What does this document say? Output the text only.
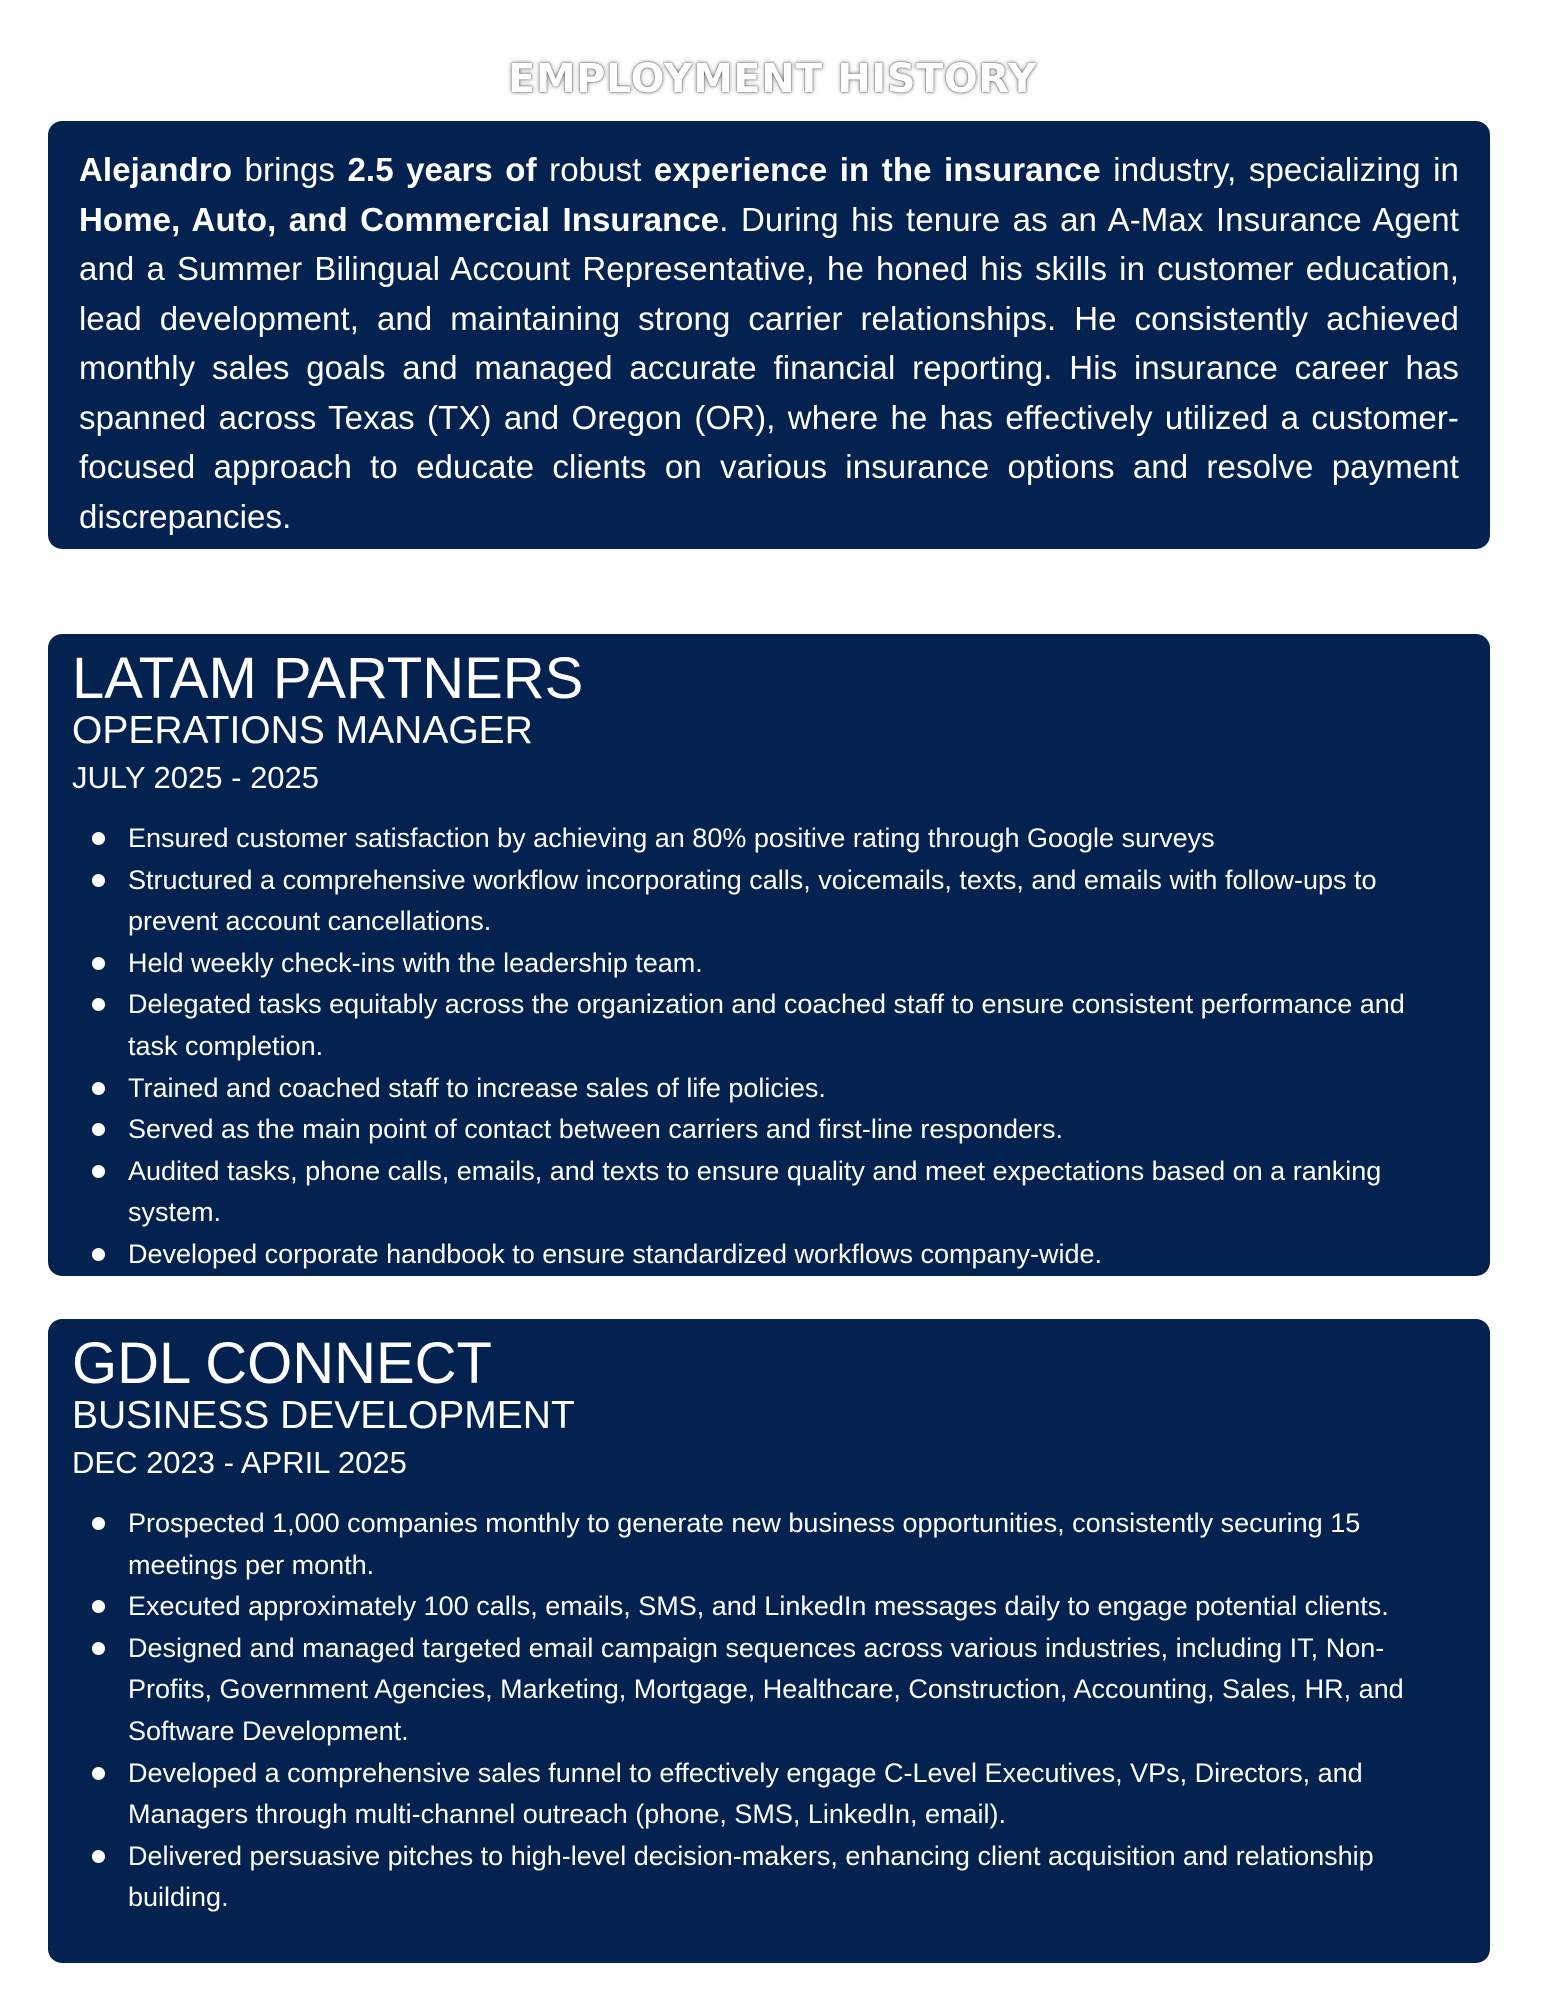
EMPLOYMENT HISTORY

Alejandro brings 2.5 years of robust experience in the insurance industry, specializing in Home, Auto, and Commercial Insurance. During his tenure as an A-Max Insurance Agent and a Summer Bilingual Account Representative, he honed his skills in customer education, lead development, and maintaining strong carrier relationships. He consistently achieved monthly sales goals and managed accurate financial reporting. His insurance career has spanned across Texas (TX) and Oregon (OR), where he has effectively utilized a customer-focused approach to educate clients on various insurance options and resolve payment discrepancies.

LATAM PARTNERS
OPERATIONS MANAGER
JULY 2025 - 2025
Ensured customer satisfaction by achieving an 80% positive rating through Google surveys
Structured a comprehensive workflow incorporating calls, voicemails, texts, and emails with follow-ups to prevent account cancellations.
Held weekly check-ins with the leadership team.
Delegated tasks equitably across the organization and coached staff to ensure consistent performance and task completion.
Trained and coached staff to increase sales of life policies.
Served as the main point of contact between carriers and first-line responders.
Audited tasks, phone calls, emails, and texts to ensure quality and meet expectations based on a ranking system.
Developed corporate handbook to ensure standardized workflows company-wide.
GDL CONNECT
BUSINESS DEVELOPMENT
DEC 2023 - APRIL 2025
Prospected 1,000 companies monthly to generate new business opportunities, consistently securing 15 meetings per month.
Executed approximately 100 calls, emails, SMS, and LinkedIn messages daily to engage potential clients.
Designed and managed targeted email campaign sequences across various industries, including IT, Non-Profits, Government Agencies, Marketing, Mortgage, Healthcare, Construction, Accounting, Sales, HR, and Software Development.
Developed a comprehensive sales funnel to effectively engage C-Level Executives, VPs, Directors, and Managers through multi-channel outreach (phone, SMS, LinkedIn, email).
Delivered persuasive pitches to high-level decision-makers, enhancing client acquisition and relationship building.
